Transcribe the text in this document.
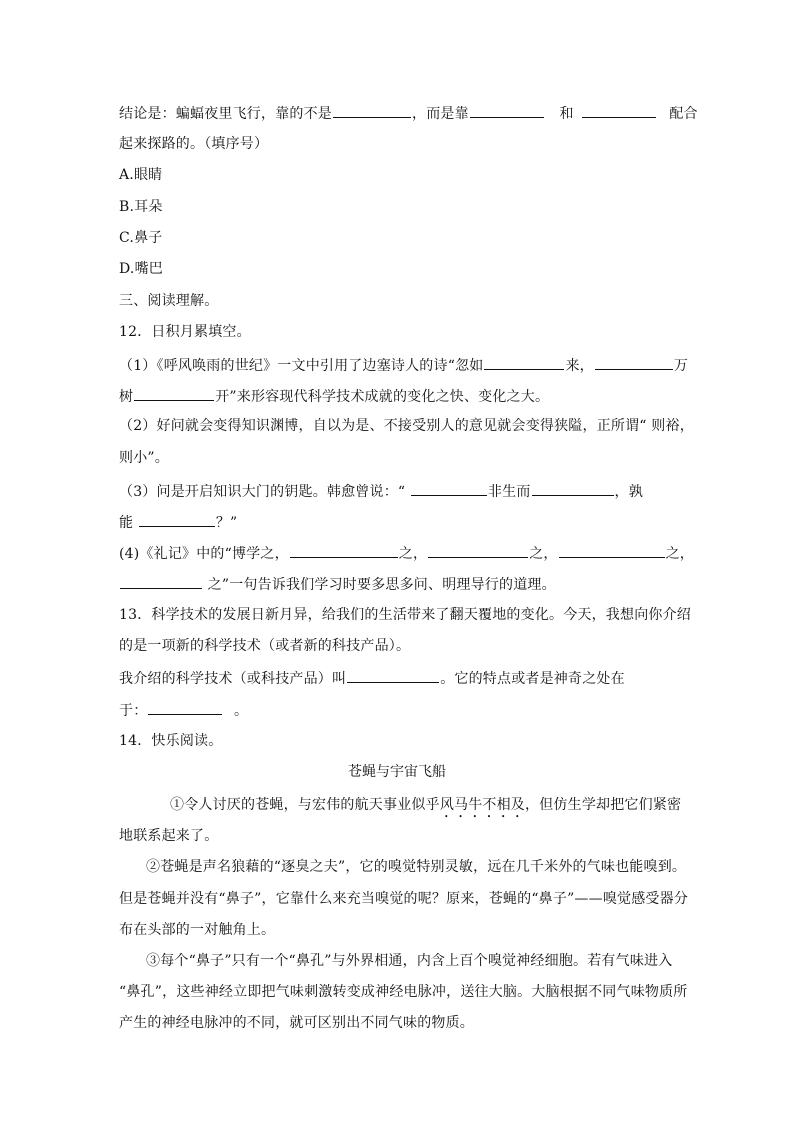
结论是：蝙蝠夜里飞行，靠的不是	，而是靠	和	配合
起来探路的。（填序号）
A.眼睛
B.耳朵
C.鼻子
D.嘴巴
三、阅读理解。
12．日积月累填空。
（1）《呼风唤雨的世纪》一文中引用了边塞诗人的诗“忽如	来，	万
树	开”来形容现代科学技术成就的变化之快、变化之大。
（2）好问就会变得知识渊博，自以为是、不接受别人的意见就会变得狭隘，正所谓“ 则裕，
则小”。
（3）问是开启知识大门的钥匙。韩愈曾说：“	非生而	，孰
能	？”
(4)《礼记》中的“博学之，	之，	之，	之，
之”一句告诉我们学习时要多思多问、明理导行的道理。
13．科学技术的发展日新月异，给我们的生活带来了翻天覆地的变化。今天，我想向你介绍
的是一项新的科学技术（或者新的科技产品）。
我介绍的科学技术（或科技产品）叫	。它的特点或者是神奇之处在
于：	。
14．快乐阅读。
苍蝇与宇宙飞船
①令人讨厌的苍蝇，与宏伟的航天事业似乎风马牛不相及，但仿生学却把它们紧密
地联系起来了。
②苍蝇是声名狼藉的“逐臭之夫”，它的嗅觉特别灵敏，远在几千米外的气味也能嗅到。
但是苍蝇并没有“鼻子”，它靠什么来充当嗅觉的呢？原来，苍蝇的“鼻子”——嗅觉感受器分
布在头部的一对触角上。
③每个“鼻子”只有一个“鼻孔”与外界相通，内含上百个嗅觉神经细胞。若有气味进入
“鼻孔”，这些神经立即把气味刺激转变成神经电脉冲，送往大脑。大脑根据不同气味物质所
产生的神经电脉冲的不同，就可区别出不同气味的物质。
